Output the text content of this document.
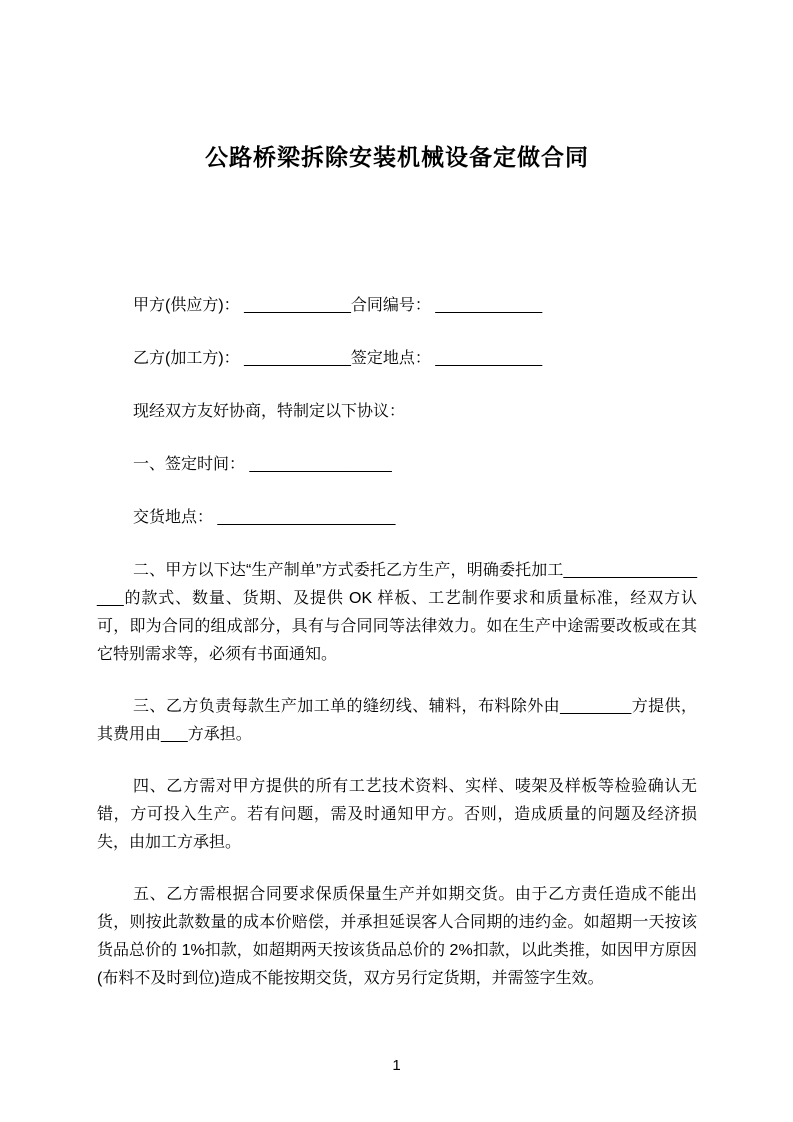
公路桥梁拆除安装机械设备定做合同

甲方(供应方)： ____________合同编号： ____________

乙方(加工方)： ____________签定地点： ____________

现经双方友好协商，特制定以下协议：

一、签定时间： ________________

交货地点： ____________________

二、甲方以下达“生产制单”方式委托乙方生产，明确委托加工__________________的款式、数量、货期、及提供 OK 样板、工艺制作要求和质量标准，经双方认可，即为合同的组成部分，具有与合同同等法律效力。如在生产中途需要改板或在其它特别需求等，必须有书面通知。

三、乙方负责每款生产加工单的缝纫线、辅料，布料除外由________方提供，其费用由___方承担。

四、乙方需对甲方提供的所有工艺技术资料、实样、唛架及样板等检验确认无错，方可投入生产。若有问题，需及时通知甲方。否则，造成质量的问题及经济损失，由加工方承担。

五、乙方需根据合同要求保质保量生产并如期交货。由于乙方责任造成不能出货，则按此款数量的成本价赔偿，并承担延误客人合同期的违约金。如超期一天按该货品总价的 1%扣款，如超期两天按该货品总价的 2%扣款，以此类推，如因甲方原因(布料不及时到位)造成不能按期交货，双方另行定货期，并需签字生效。

1
